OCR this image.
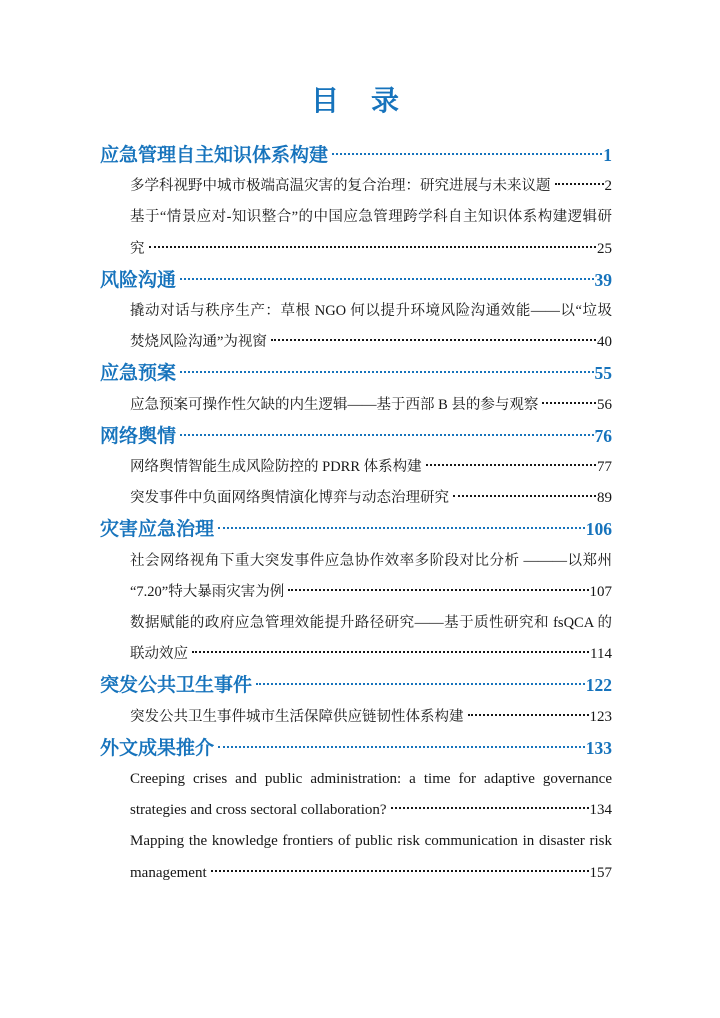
目　录
应急管理自主知识体系构建	1
多学科视野中城市极端高温灾害的复合治理：研究进展与未来议题	2
基于“情景应对-知识整合”的中国应急管理跨学科自主知识体系构建逻辑研
究	25
风险沟通	39
撬动对话与秩序生产：草根 NGO 何以提升环境风险沟通效能——以“垃圾
焚烧风险沟通”为视窗	40
应急预案	55
应急预案可操作性欠缺的内生逻辑——基于西部 B 县的参与观察	56
网络舆情	76
网络舆情智能生成风险防控的 PDRR 体系构建	77
突发事件中负面网络舆情演化博弈与动态治理研究	89
灾害应急治理	106
社会网络视角下重大突发事件应急协作效率多阶段对比分析 ———以郑州
“7.20”特大暴雨灾害为例	107
数据赋能的政府应急管理效能提升路径研究——基于质性研究和 fsQCA 的
联动效应	114
突发公共卫生事件	122
突发公共卫生事件城市生活保障供应链韧性体系构建	123
外文成果推介	133
Creeping crises and public administration: a time for adaptive governance
strategies and cross sectoral collaboration?	134
Mapping the knowledge frontiers of public risk communication in disaster risk
management	157
